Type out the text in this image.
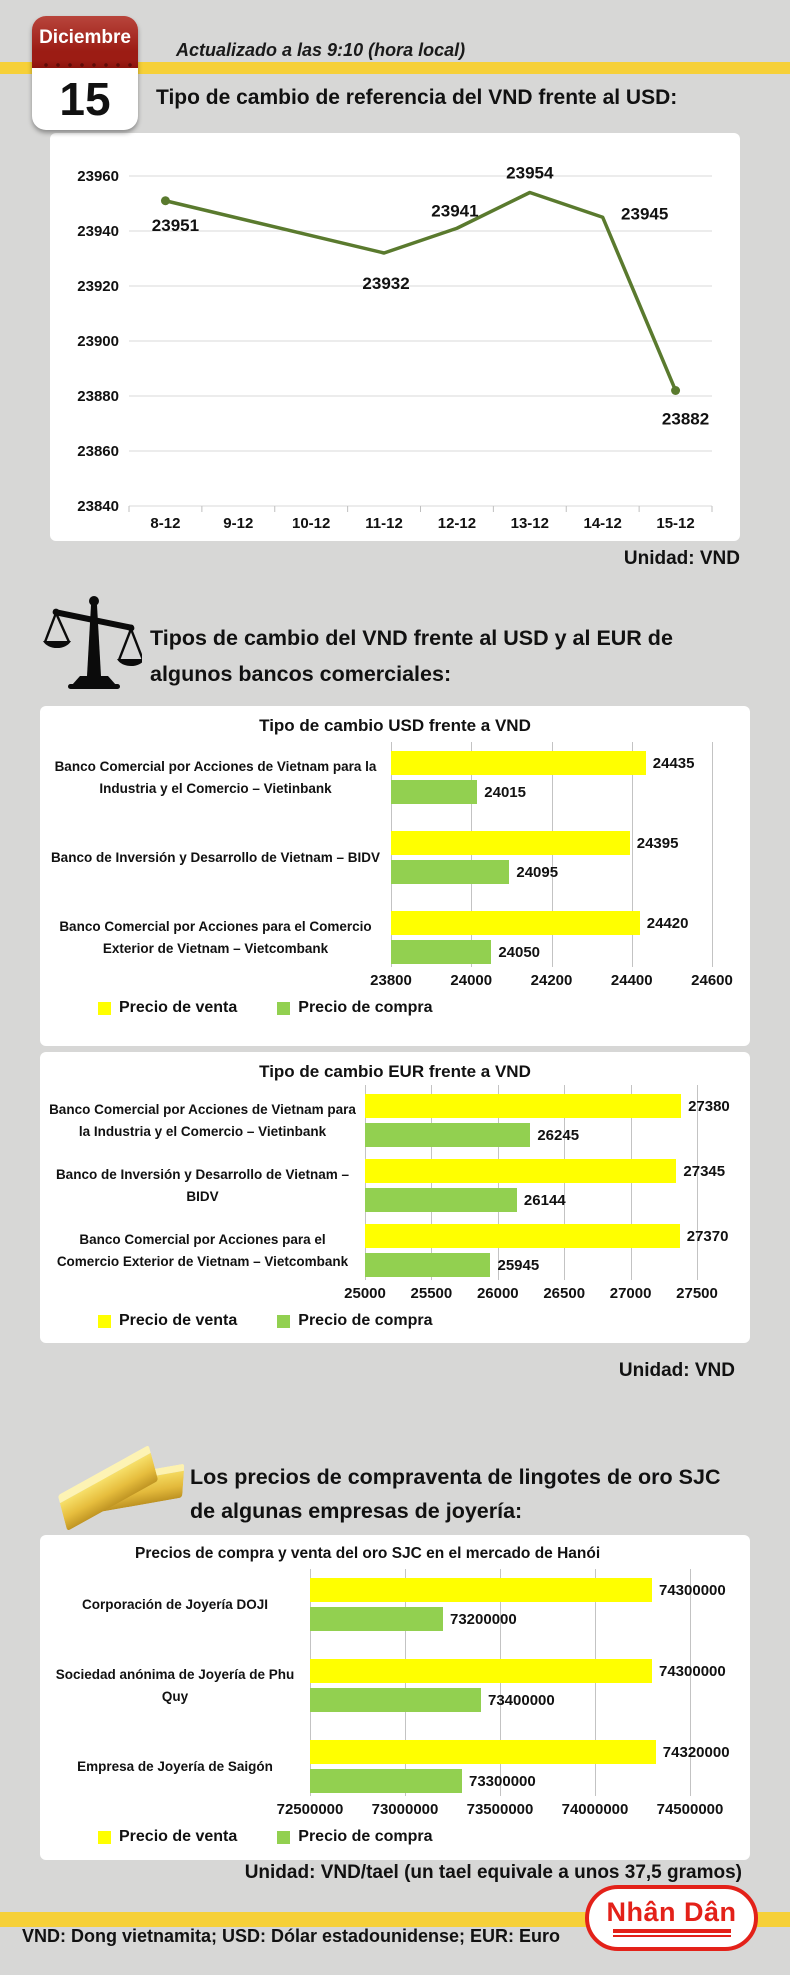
Diciembre
15
Actualizado a las 9:10 (hora local)
Tipo de cambio de referencia del VND frente al USD:
23960
23940
23920
23900
23880
23860
23840
8-12	9-12	10-12 11-12 12-12 13-12 14-12 15-12
23951
23932
23941
23954
23945
23882
Unidad: VND
Tipos de cambio del VND frente al USD y al EUR de algunos bancos comerciales:
Tipo de cambio USD frente a VND
Banco Comercial por Acciones de Vietnam para la Industria y el Comercio – Vietinbank
24435
24015
Banco de Inversión y Desarrollo de Vietnam – BIDV
24395
24095
Banco Comercial por Acciones para el Comercio Exterior de Vietnam – Vietcombank
24420
24050
23800	24000	24200	24400	24600
Precio de venta	Precio de compra
Tipo de cambio EUR frente a VND
Banco Comercial por Acciones de Vietnam para la Industria y el Comercio – Vietinbank
27380
26245
Banco de Inversión y Desarrollo de Vietnam – BIDV
27345
26144
Banco Comercial por Acciones para el Comercio Exterior de Vietnam – Vietcombank
27370
25945
25000 25500 26000 26500 27000 27500
Precio de venta	Precio de compra
Unidad: VND
Los precios de compraventa de lingotes de oro SJC de algunas empresas de joyería:
Precios de compra y venta del oro SJC en el mercado de Hanói
Corporación de Joyería DOJI
74300000
73200000
Sociedad anónima de Joyería de Phu Quy
74300000
73400000
Empresa de Joyería de Saigón
74320000
73300000
72500000 73000000 73500000 74000000 74500000
Precio de venta	Precio de compra
Unidad: VND/tael (un tael equivale a unos 37,5 gramos)
Nhân Dân
VND: Dong vietnamita; USD: Dólar estadounidense; EUR: Euro
